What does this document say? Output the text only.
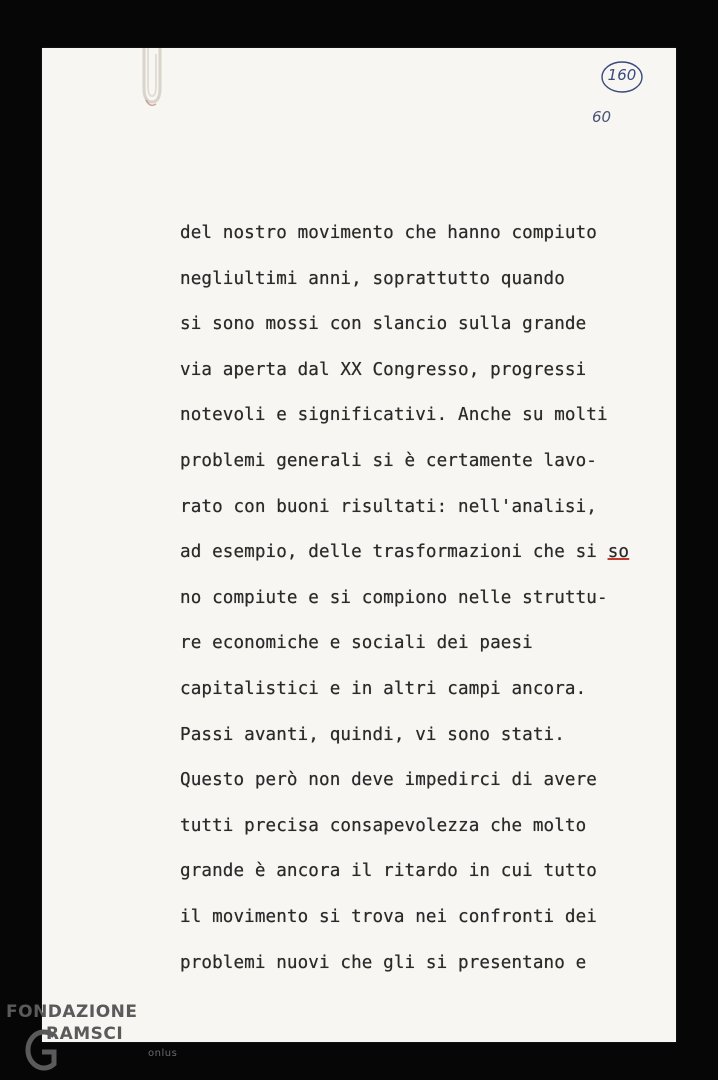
160
60
del nostro movimento che hanno compiuto
negliultimi anni, soprattutto quando
si sono mossi con slancio sulla grande
via aperta dal XX Congresso, progressi
notevoli e significativi. Anche su molti
problemi generali si è certamente lavo-
rato con buoni risultati: nell'analisi,
ad esempio, delle trasformazioni che si so
no compiute e si compiono nelle struttu-
re economiche e sociali dei paesi
capitalistici e in altri campi ancora.
Passi avanti, quindi, vi sono stati.
Questo però non deve impedirci di avere
tutti precisa consapevolezza che molto
grande è ancora il ritardo in cui tutto
il movimento si trova nei confronti dei
problemi nuovi che gli si presentano e
FONDAZIONE
RAMSCI
onlus
